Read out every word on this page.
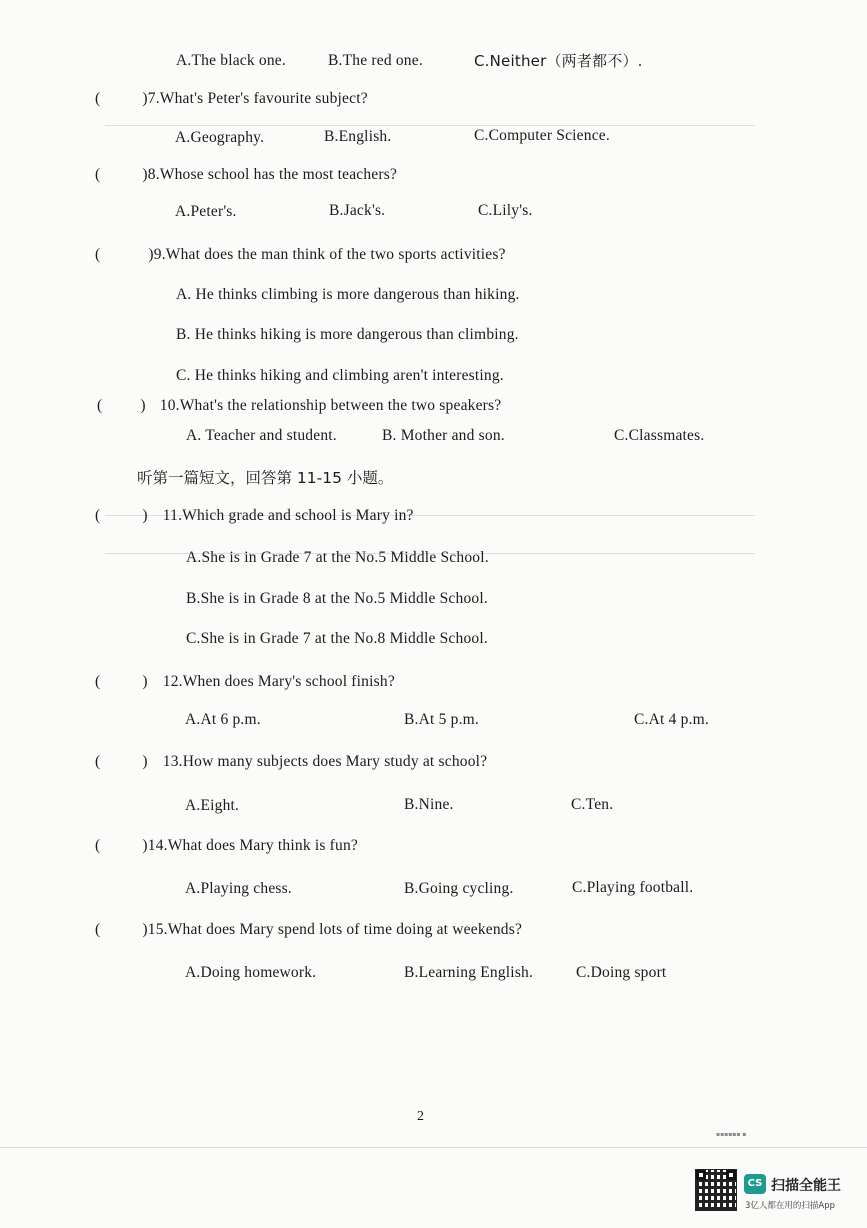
A.The black one.	B.The red one.	C.Neither（两者都不）.
(	)7.What's Peter's favourite subject?
A.Geography.	B.English.	C.Computer Science.
(	)8.Whose school has the most teachers?
A.Peter's.	B.Jack's.	C.Lily's.
(	)9.What does the man think of the two sports activities?
A. He thinks climbing is more dangerous than hiking.
B. He thinks hiking is more dangerous than climbing.
C. He thinks hiking and climbing aren't interesting.
( ) 10.What's the relationship between the two speakers?
A. Teacher and student.	B. Mother and son.	C.Classmates.
听第一篇短文，回答第 11-15 小题。
(	) 11.Which grade and school is Mary in?
A.She is in Grade 7 at the No.5 Middle School.
B.She is in Grade 8 at the No.5 Middle School.
C.She is in Grade 7 at the No.8 Middle School.
(	) 12.When does Mary's school finish?
A.At 6 p.m.	B.At 5 p.m.	C.At 4 p.m.
(	) 13.How many subjects does Mary study at school?
A.Eight.	B.Nine.	C.Ten.
(	)14.What does Mary think is fun?
A.Playing chess.	B.Going cycling.	C.Playing football.
(	)15.What does Mary spend lots of time doing at weekends?
A.Doing homework.	B.Learning English.	C.Doing sport
2
▪▪▪▪▪▪ ▪
CS 扫描全能王
3亿人都在用的扫描App
